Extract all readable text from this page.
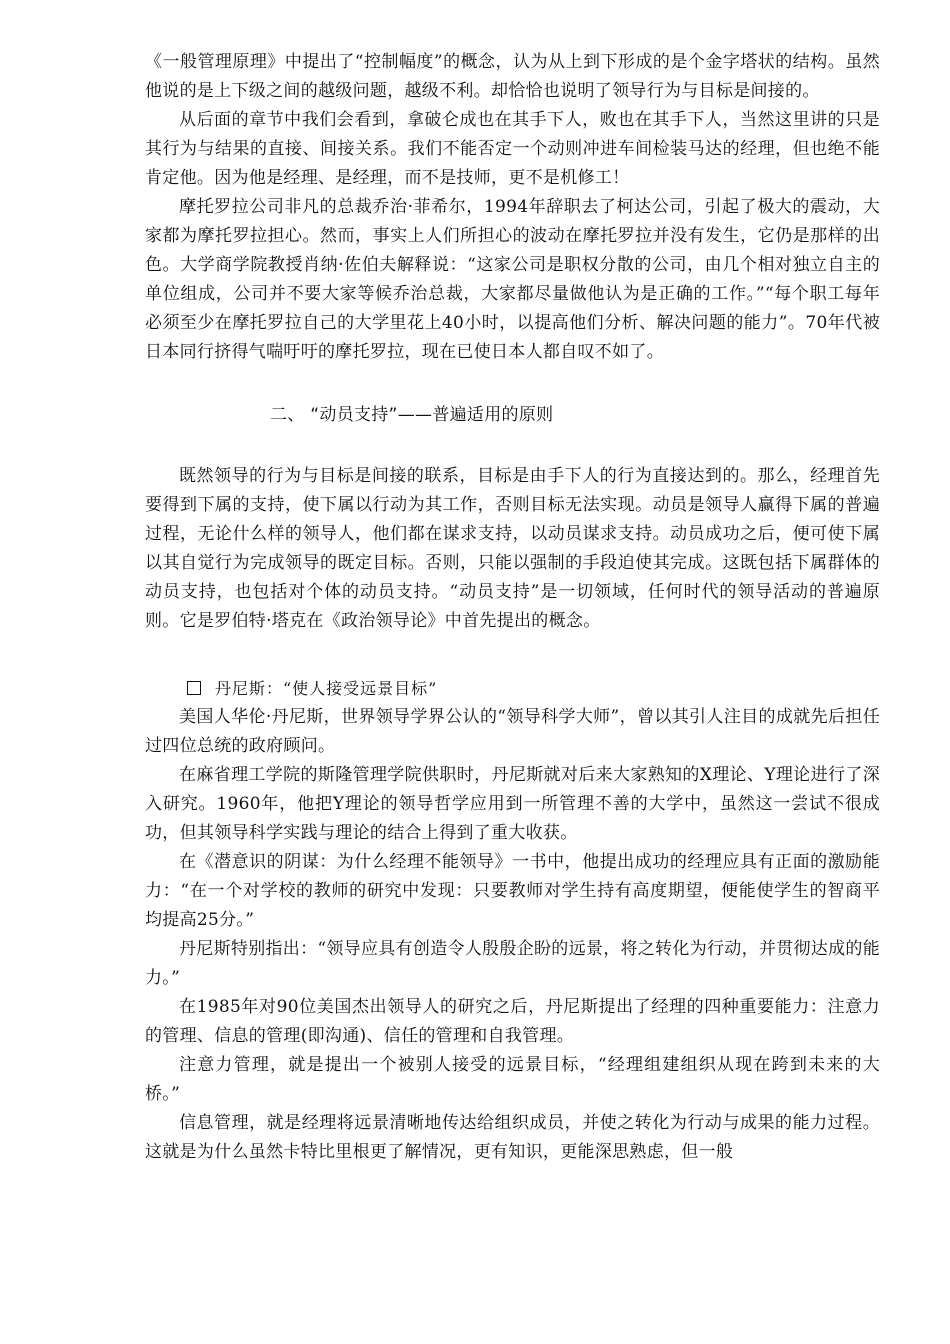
《一般管理原理》中提出了“控制幅度”的概念，认为从上到下形成的是个金字塔状的结构。虽然他说的是上下级之间的越级问题，越级不利。却恰恰也说明了领导行为与目标是间接的。

从后面的章节中我们会看到，拿破仑成也在其手下人，败也在其手下人，当然这里讲的只是其行为与结果的直接、间接关系。我们不能否定一个动则冲进车间检装马达的经理，但也绝不能肯定他。因为他是经理、是经理，而不是技师，更不是机修工！

摩托罗拉公司非凡的总裁乔治·菲希尔，1994年辞职去了柯达公司，引起了极大的震动，大家都为摩托罗拉担心。然而，事实上人们所担心的波动在摩托罗拉并没有发生，它仍是那样的出色。大学商学院教授肖纳·佐伯夫解释说：“这家公司是职权分散的公司，由几个相对独立自主的单位组成，公司并不要大家等候乔治总裁，大家都尽量做他认为是正确的工作。”“每个职工每年必须至少在摩托罗拉自己的大学里花上40小时，以提高他们分析、解决问题的能力”。70年代被日本同行挤得气喘吁吁的摩托罗拉，现在已使日本人都自叹不如了。

二、 “动员支持”——普遍适用的原则

既然领导的行为与目标是间接的联系，目标是由手下人的行为直接达到的。那么，经理首先要得到下属的支持，使下属以行动为其工作，否则目标无法实现。动员是领导人赢得下属的普遍过程，无论什么样的领导人，他们都在谋求支持，以动员谋求支持。动员成功之后，便可使下属以其自觉行为完成领导的既定目标。否则，只能以强制的手段迫使其完成。这既包括下属群体的动员支持，也包括对个体的动员支持。“动员支持”是一切领域，任何时代的领导活动的普遍原则。它是罗伯特·塔克在《政治领导论》中首先提出的概念。

丹尼斯：“使人接受远景目标”

美国人华伦·丹尼斯，世界领导学界公认的“领导科学大师”，曾以其引人注目的成就先后担任过四位总统的政府顾问。

在麻省理工学院的斯隆管理学院供职时，丹尼斯就对后来大家熟知的X理论、Y理论进行了深入研究。1960年，他把Y理论的领导哲学应用到一所管理不善的大学中，虽然这一尝试不很成功，但其领导科学实践与理论的结合上得到了重大收获。

在《潜意识的阴谋：为什么经理不能领导》一书中，他提出成功的经理应具有正面的激励能力：“在一个对学校的教师的研究中发现：只要教师对学生持有高度期望，便能使学生的智商平均提高25分。”

丹尼斯特别指出：“领导应具有创造令人殷殷企盼的远景，将之转化为行动，并贯彻达成的能力。”

在1985年对90位美国杰出领导人的研究之后，丹尼斯提出了经理的四种重要能力：注意力的管理、信息的管理(即沟通)、信任的管理和自我管理。

注意力管理，就是提出一个被别人接受的远景目标，“经理组建组织从现在跨到未来的大桥。”

信息管理，就是经理将远景清晰地传达给组织成员，并使之转化为行动与成果的能力过程。这就是为什么虽然卡特比里根更了解情况，更有知识，更能深思熟虑，但一般
